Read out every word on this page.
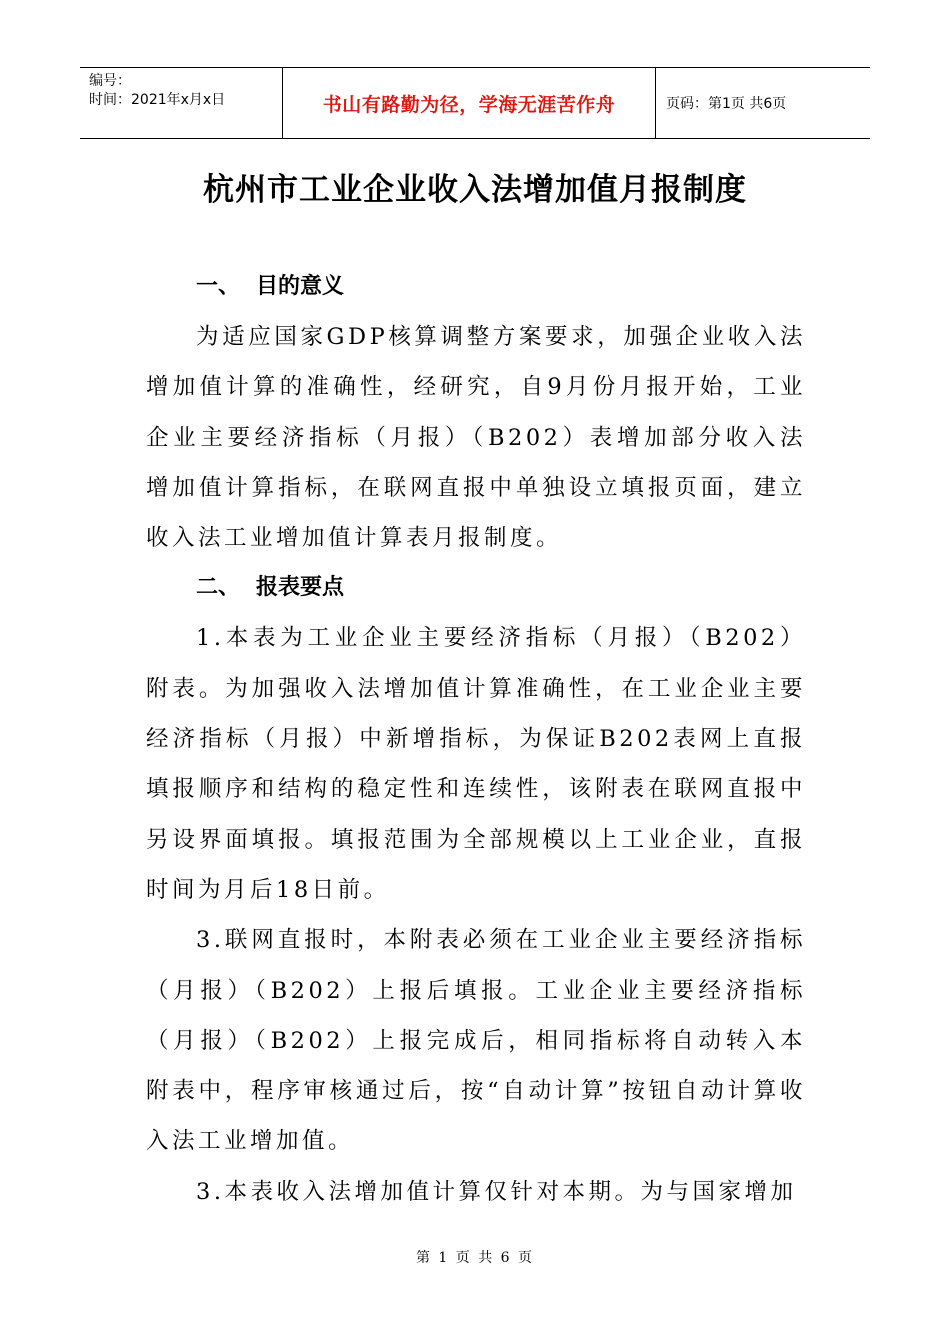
编号：
时间：2021年x月x日	书山有路勤为径，学海无涯苦作舟	页码：第1页 共6页
杭州市工业企业收入法增加值月报制度
一、 目的意义

为适应国家GDP核算调整方案要求，加强企业收入法增加值计算的准确性，经研究，自9月份月报开始，工业企业主要经济指标（月报）（B202）表增加部分收入法增加值计算指标，在联网直报中单独设立填报页面，建立收入法工业增加值计算表月报制度。

二、 报表要点

1.本表为工业企业主要经济指标（月报）（B202）附表。为加强收入法增加值计算准确性，在工业企业主要经济指标（月报）中新增指标，为保证B202表网上直报填报顺序和结构的稳定性和连续性，该附表在联网直报中另设界面填报。填报范围为全部规模以上工业企业，直报时间为月后18日前。

3.联网直报时，本附表必须在工业企业主要经济指标（月报）（B202）上报后填报。工业企业主要经济指标（月报）（B202）上报完成后，相同指标将自动转入本附表中，程序审核通过后，按“自动计算”按钮自动计算收入法工业增加值。

3.本表收入法增加值计算仅针对本期。为与国家增加

第 1 页 共 6 页
